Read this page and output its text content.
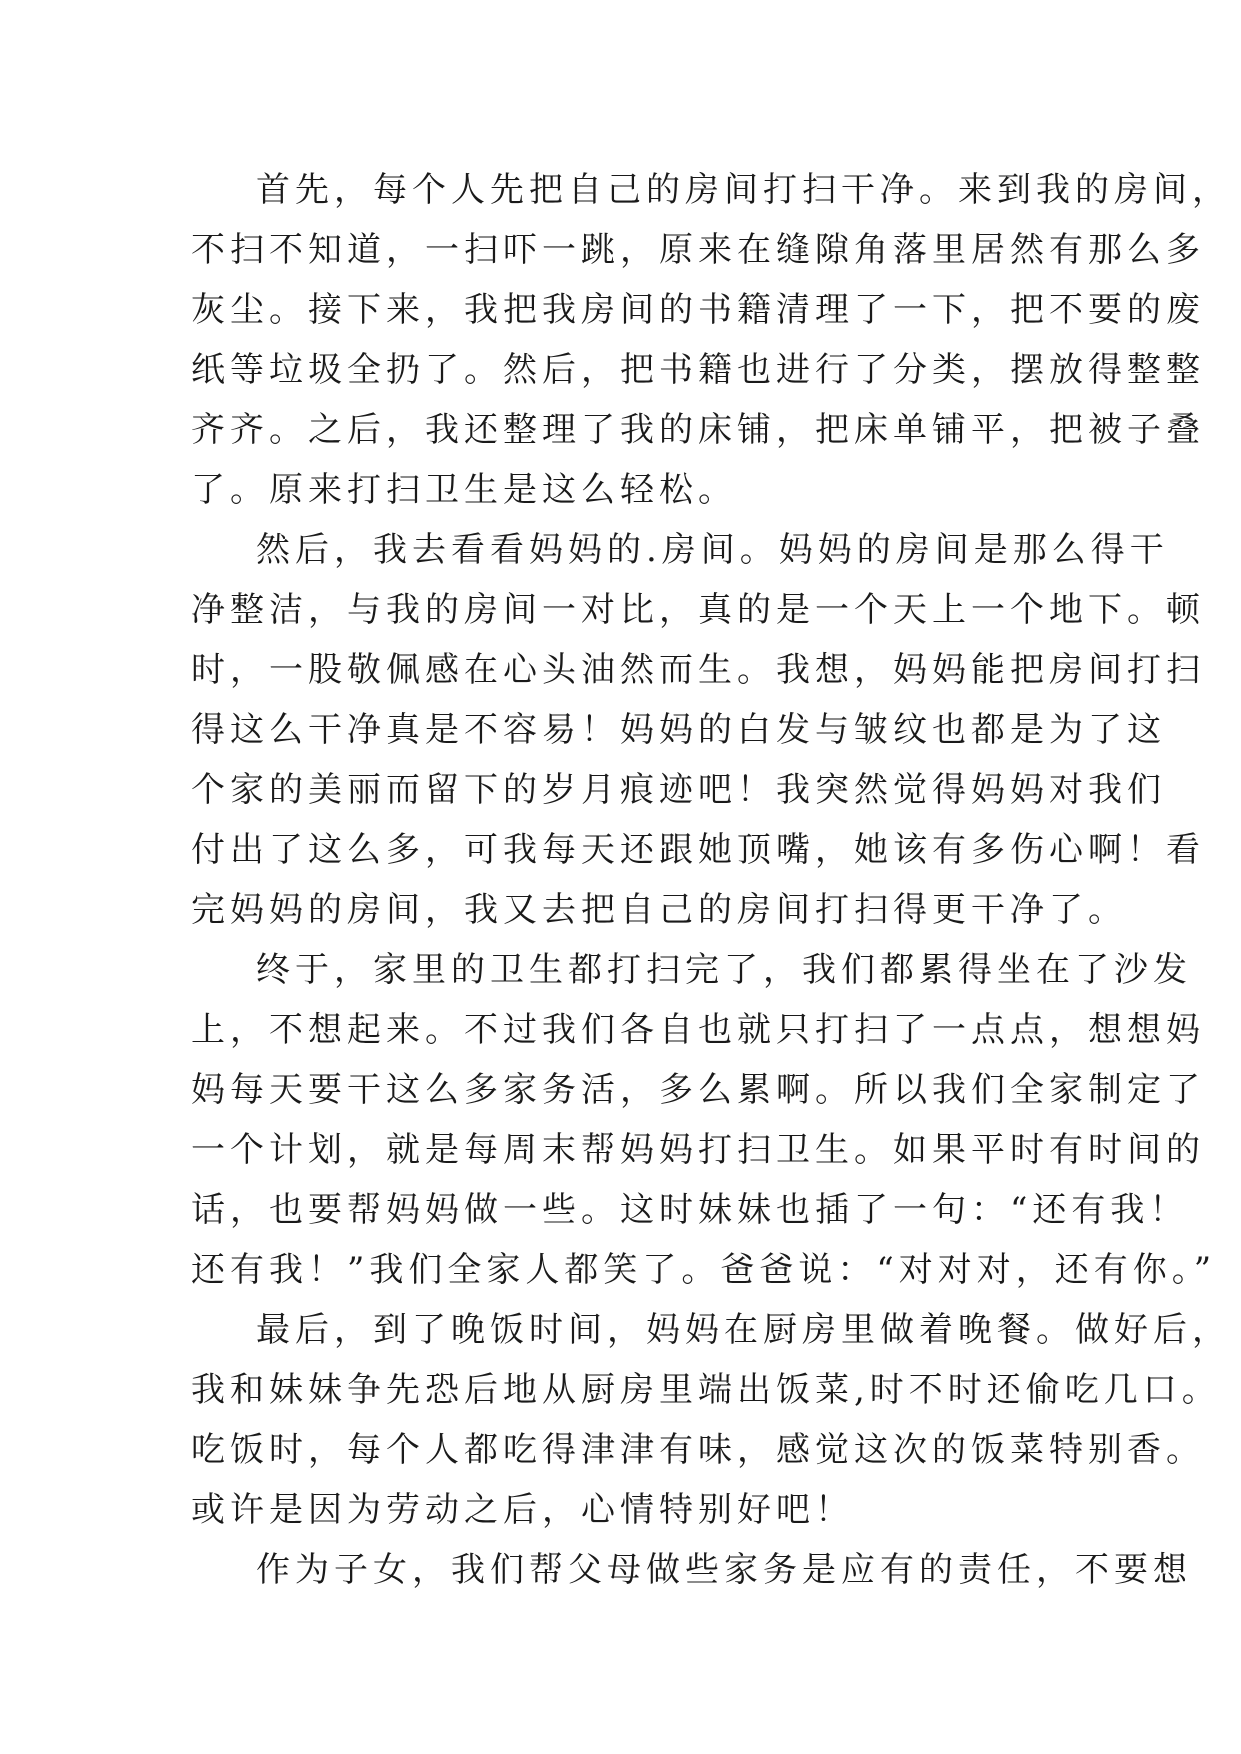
首先，每个人先把自己的房间打扫干净。来到我的房间，
不扫不知道，一扫吓一跳，原来在缝隙角落里居然有那么多
灰尘。接下来，我把我房间的书籍清理了一下，把不要的废
纸等垃圾全扔了。然后，把书籍也进行了分类，摆放得整整
齐齐。之后，我还整理了我的床铺，把床单铺平，把被子叠
了。原来打扫卫生是这么轻松。
然后，我去看看妈妈的.房间。妈妈的房间是那么得干
净整洁，与我的房间一对比，真的是一个天上一个地下。顿
时，一股敬佩感在心头油然而生。我想，妈妈能把房间打扫
得这么干净真是不容易！妈妈的白发与皱纹也都是为了这
个家的美丽而留下的岁月痕迹吧！我突然觉得妈妈对我们
付出了这么多，可我每天还跟她顶嘴，她该有多伤心啊！看
完妈妈的房间，我又去把自己的房间打扫得更干净了。
终于，家里的卫生都打扫完了，我们都累得坐在了沙发
上，不想起来。不过我们各自也就只打扫了一点点，想想妈
妈每天要干这么多家务活，多么累啊。所以我们全家制定了
一个计划，就是每周末帮妈妈打扫卫生。如果平时有时间的
话，也要帮妈妈做一些。这时妹妹也插了一句：“还有我！
还有我！”我们全家人都笑了。爸爸说：“对对对，还有你。”
最后，到了晚饭时间，妈妈在厨房里做着晚餐。做好后，
我和妹妹争先恐后地从厨房里端出饭菜,时不时还偷吃几口。
吃饭时，每个人都吃得津津有味，感觉这次的饭菜特别香。
或许是因为劳动之后，心情特别好吧！
作为子女，我们帮父母做些家务是应有的责任，不要想
